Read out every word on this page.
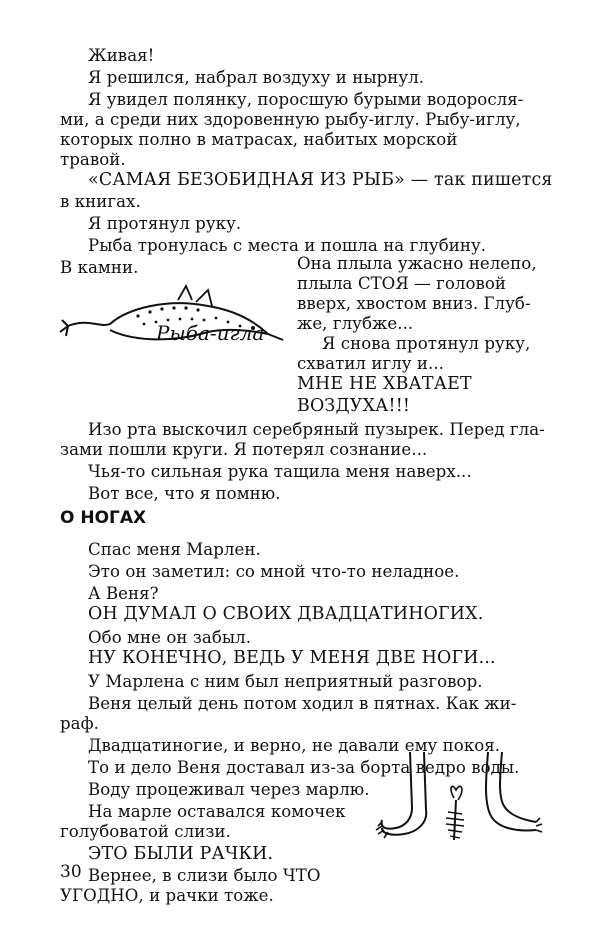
Живая!
Я решился, набрал воздуху и нырнул.
Я увидел полянку, поросшую бурыми водоросля-
ми, а среди них здоровенную рыбу-иглу. Рыбу-иглу,
которых полно в матрасах, набитых морской
травой.
«САМАЯ БЕЗОБИДНАЯ ИЗ РЫБ» — так пишется
в книгах.
Я протянул руку.
Рыба тронулась с места и пошла на глубину.
В камни.
Рыба-игла
Она плыла ужасно нелепо,
плыла СТОЯ — головой
вверх, хвостом вниз. Глуб-
же, глубже...
Я снова протянул руку,
схватил иглу и...
МНЕ НЕ ХВАТАЕТ
ВОЗДУХА!!!
Изо рта выскочил серебряный пузырек. Перед гла-
зами пошли круги. Я потерял сознание...
Чья-то сильная рука тащила меня наверх...
Вот все, что я помню.
О НОГАХ
Спас меня Марлен.
Это он заметил: со мной что-то неладное.
А Веня?
ОН ДУМАЛ О СВОИХ ДВАДЦАТИНОГИХ.
Обо мне он забыл.
НУ КОНЕЧНО, ВЕДЬ У МЕНЯ ДВЕ НОГИ...
У Марлена с ним был неприятный разговор.
Веня целый день потом ходил в пятнах. Как жи-
раф.
Двадцатиногие, и верно, не давали ему покоя.
То и дело Веня доставал из-за борта ведро воды.
Воду процеживал через марлю.
На марле оставался комочек
голубоватой слизи.
ЭТО БЫЛИ РАЧКИ.
Вернее, в слизи было ЧТО
УГОДНО, и рачки тоже.
30
